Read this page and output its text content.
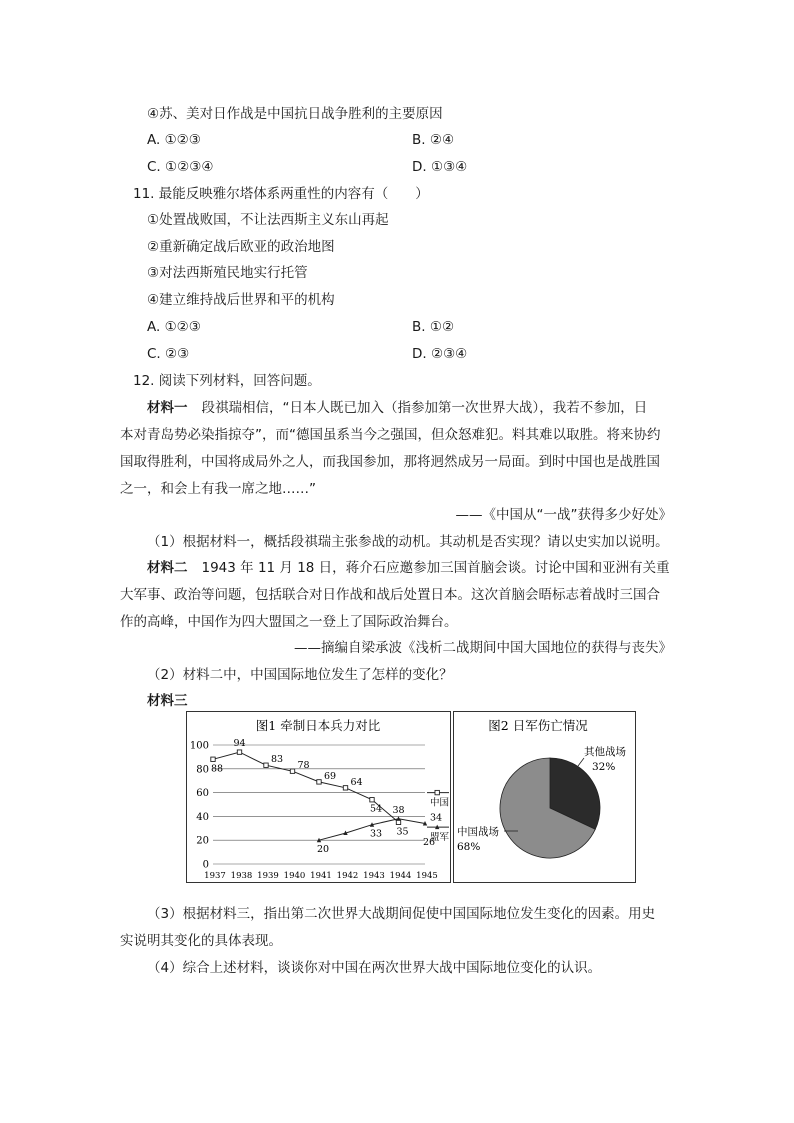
④苏、美对日作战是中国抗日战争胜利的主要原因
A. ①②③	B. ②④
C. ①②③④	D. ①③④
11. 最能反映雅尔塔体系两重性的内容有（　　）
①处置战败国，不让法西斯主义东山再起
②重新确定战后欧亚的政治地图
③对法西斯殖民地实行托管
④建立维持战后世界和平的机构
A. ①②③	B. ①②
C. ②③	D. ②③④
12. 阅读下列材料，回答问题。
材料一 段祺瑞相信，“日本人既已加入（指参加第一次世界大战），我若不参加，日
本对青岛势必染指掠夺”，而“德国虽系当今之强国，但众怒难犯。料其难以取胜。将来协约
国取得胜利，中国将成局外之人，而我国参加，那将迥然成另一局面。到时中国也是战胜国
之一，和会上有我一席之地……”
——《中国从“一战”获得多少好处》
（1）根据材料一，概括段祺瑞主张参战的动机。其动机是否实现？请以史实加以说明。
材料二 1943 年 11 月 18 日，蒋介石应邀参加三国首脑会谈。讨论中国和亚洲有关重
大军事、政治等问题，包括联合对日作战和战后处置日本。这次首脑会晤标志着战时三国合
作的高峰，中国作为四大盟国之一登上了国际政治舞台。
——摘编自梁承波《浅析二战期间中国大国地位的获得与丧失》
（2）材料二中，中国国际地位发生了怎样的变化？
材料三
图1 牵制日本兵力对比
0
20
40
60
80
100
1937 1938 1939 1940 1941 1942 1943 1944 1945
88
94
83
78
69
64
54
20
33
38
35
34
26
中国
盟军
图2 日军伤亡情况
其他战场
32%
中国战场
68%
（3）根据材料三，指出第二次世界大战期间促使中国国际地位发生变化的因素。用史
实说明其变化的具体表现。
（4）综合上述材料，谈谈你对中国在两次世界大战中国际地位变化的认识。
